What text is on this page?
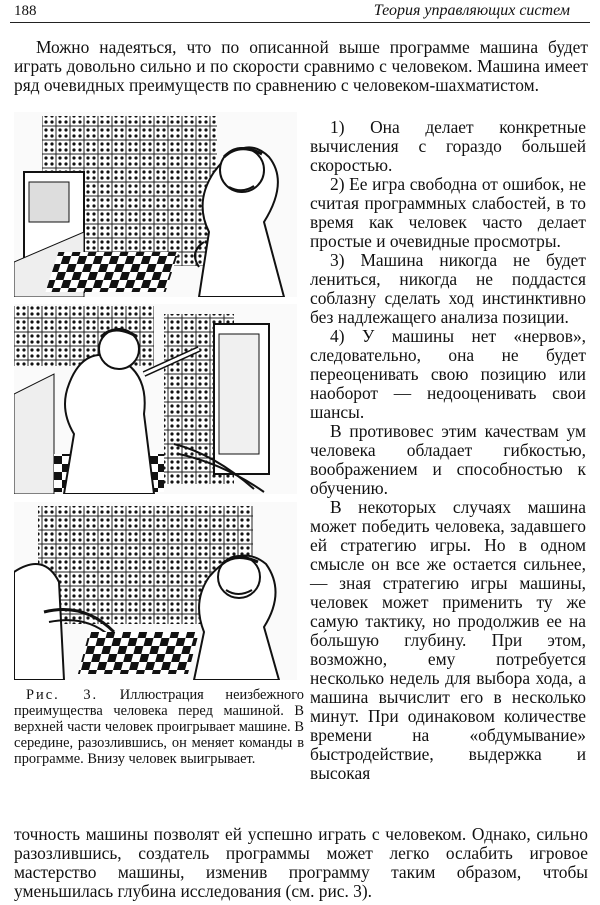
188	Теория управляющих систем
Можно надеяться, что по описанной выше программе машина будет играть довольно сильно и по скорости сравнимо с человеком. Машина имеет ряд очевидных преимуществ по сравнению с человеком-шахматистом.
Рис. 3. Иллюстрация неизбежного преимущества человека перед машиной. В верхней части человек проигрывает машине. В середине, разозлившись, он меняет команды в программе. Внизу человек выигрывает.

1) Она делает конкретные вычисления с гораздо большей скоростью.

2) Ее игра свободна от ошибок, не считая программных слабостей, в то время как человек часто делает простые и очевидные просмотры.

3) Машина никогда не будет лениться, никогда не поддастся соблазну сделать ход инстинктивно без надлежащего анализа позиции.

4) У машины нет «нервов», следовательно, она не будет переоценивать свою позицию или наоборот — недооценивать свои шансы.

В противовес этим качествам ум человека обладает гибкостью, воображением и способностью к обучению.

В некоторых случаях машина может победить человека, задавшего ей стратегию игры. Но в одном смысле он все же остается сильнее,— зная стратегию игры машины, человек может применить ту же самую тактику, но продолжив ее на бо́льшую глубину. При этом, возможно, ему потребуется несколько недель для выбора хода, а машина вычислит его в несколько минут. При одинаковом количестве времени на «обдумывание» быстродействие, выдержка и высокая

точность машины позволят ей успешно играть с человеком. Однако, сильно разозлившись, создатель программы может легко ослабить игровое мастерство машины, изменив программу таким образом, чтобы уменьшилась глубина исследования (см. рис. 3).
